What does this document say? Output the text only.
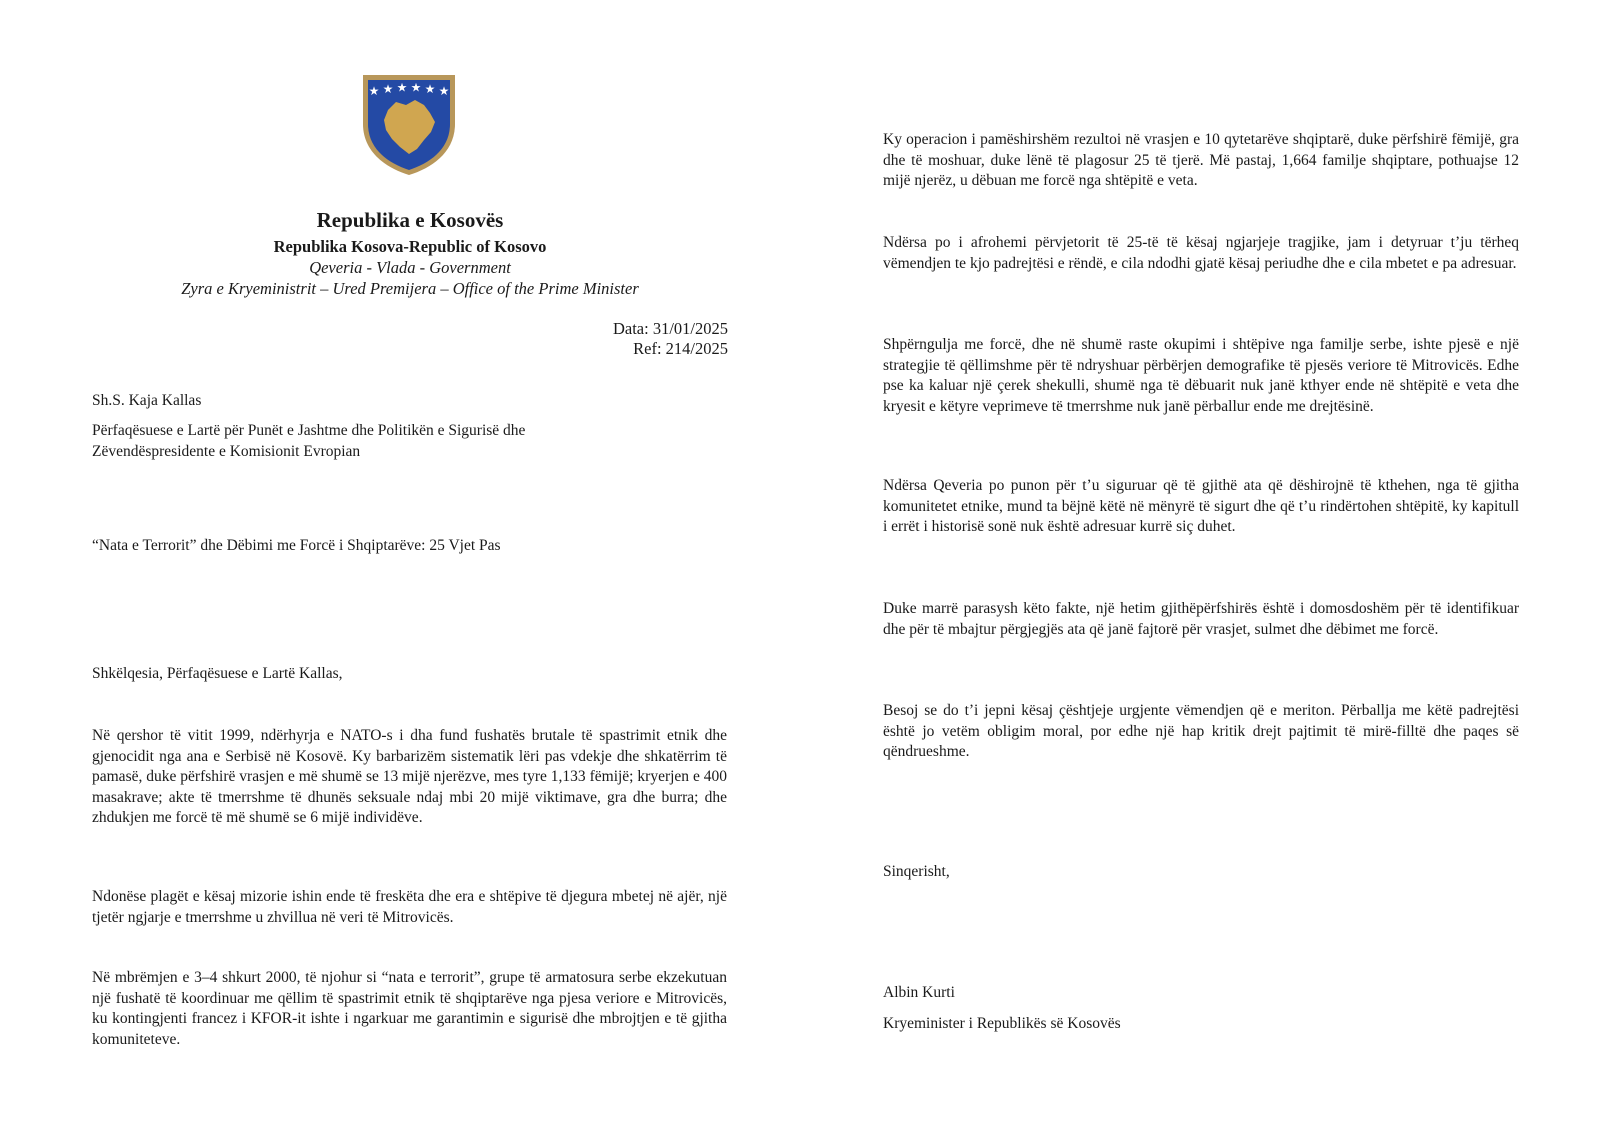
★ ★ ★ ★ ★ ★
Republika e Kosovës
Republika Kosova-Republic of Kosovo
Qeveria - Vlada - Government
Zyra e Kryeministrit – Ured Premijera – Office of the Prime Minister
Data: 31/01/2025
Ref: 214/2025
Sh.S. Kaja Kallas
Përfaqësuese e Lartë për Punët e Jashtme dhe Politikën e Sigurisë dhe Zëvendëspresidente e Komisionit Evropian
“Nata e Terrorit” dhe Dëbimi me Forcë i Shqiptarëve: 25 Vjet Pas
Shkëlqesia, Përfaqësuese e Lartë Kallas,
Në qershor të vitit 1999, ndërhyrja e NATO-s i dha fund fushatës brutale të spastrimit etnik dhe gjenocidit nga ana e Serbisë në Kosovë. Ky barbarizëm sistematik lëri pas vdekje dhe shkatërrim të pamasë, duke përfshirë vrasjen e më shumë se 13 mijë njerëzve, mes tyre 1,133 fëmijë; kryerjen e 400 masakrave; akte të tmerrshme të dhunës seksuale ndaj mbi 20 mijë viktimave, gra dhe burra; dhe zhdukjen me forcë të më shumë se 6 mijë individëve.
Ndonëse plagët e kësaj mizorie ishin ende të freskëta dhe era e shtëpive të djegura mbetej në ajër, një tjetër ngjarje e tmerrshme u zhvillua në veri të Mitrovicës.
Në mbrëmjen e 3–4 shkurt 2000, të njohur si “nata e terrorit”, grupe të armatosura serbe ekzekutuan një fushatë të koordinuar me qëllim të spastrimit etnik të shqiptarëve nga pjesa veriore e Mitrovicës, ku kontingjenti francez i KFOR-it ishte i ngarkuar me garantimin e sigurisë dhe mbrojtjen e të gjitha komuniteteve.
Ky operacion i pamëshirshëm rezultoi në vrasjen e 10 qytetarëve shqiptarë, duke përfshirë fëmijë, gra dhe të moshuar, duke lënë të plagosur 25 të tjerë. Më pastaj, 1,664 familje shqiptare, pothuajse 12 mijë njerëz, u dëbuan me forcë nga shtëpitë e veta.
Ndërsa po i afrohemi përvjetorit të 25-të të kësaj ngjarjeje tragjike, jam i detyruar t’ju tërheq vëmendjen te kjo padrejtësi e rëndë, e cila ndodhi gjatë kësaj periudhe dhe e cila mbetet e pa adresuar.
Shpërngulja me forcë, dhe në shumë raste okupimi i shtëpive nga familje serbe, ishte pjesë e një strategjie të qëllimshme për të ndryshuar përbërjen demografike të pjesës veriore të Mitrovicës. Edhe pse ka kaluar një çerek shekulli, shumë nga të dëbuarit nuk janë kthyer ende në shtëpitë e veta dhe kryesit e këtyre veprimeve të tmerrshme nuk janë përballur ende me drejtësinë.
Ndërsa Qeveria po punon për t’u siguruar që të gjithë ata që dëshirojnë të kthehen, nga të gjitha komunitetet etnike, mund ta bëjnë këtë në mënyrë të sigurt dhe që t’u rindërtohen shtëpitë, ky kapitull i errët i historisë sonë nuk është adresuar kurrë siç duhet.
Duke marrë parasysh këto fakte, një hetim gjithëpërfshirës është i domosdoshëm për të identifikuar dhe për të mbajtur përgjegjës ata që janë fajtorë për vrasjet, sulmet dhe dëbimet me forcë.
Besoj se do t’i jepni kësaj çështjeje urgjente vëmendjen që e meriton. Përballja me këtë padrejtësi është jo vetëm obligim moral, por edhe një hap kritik drejt pajtimit të mirë-filltë dhe paqes së qëndrueshme.
Sinqerisht,
Albin Kurti
Kryeminister i Republikës së Kosovës
